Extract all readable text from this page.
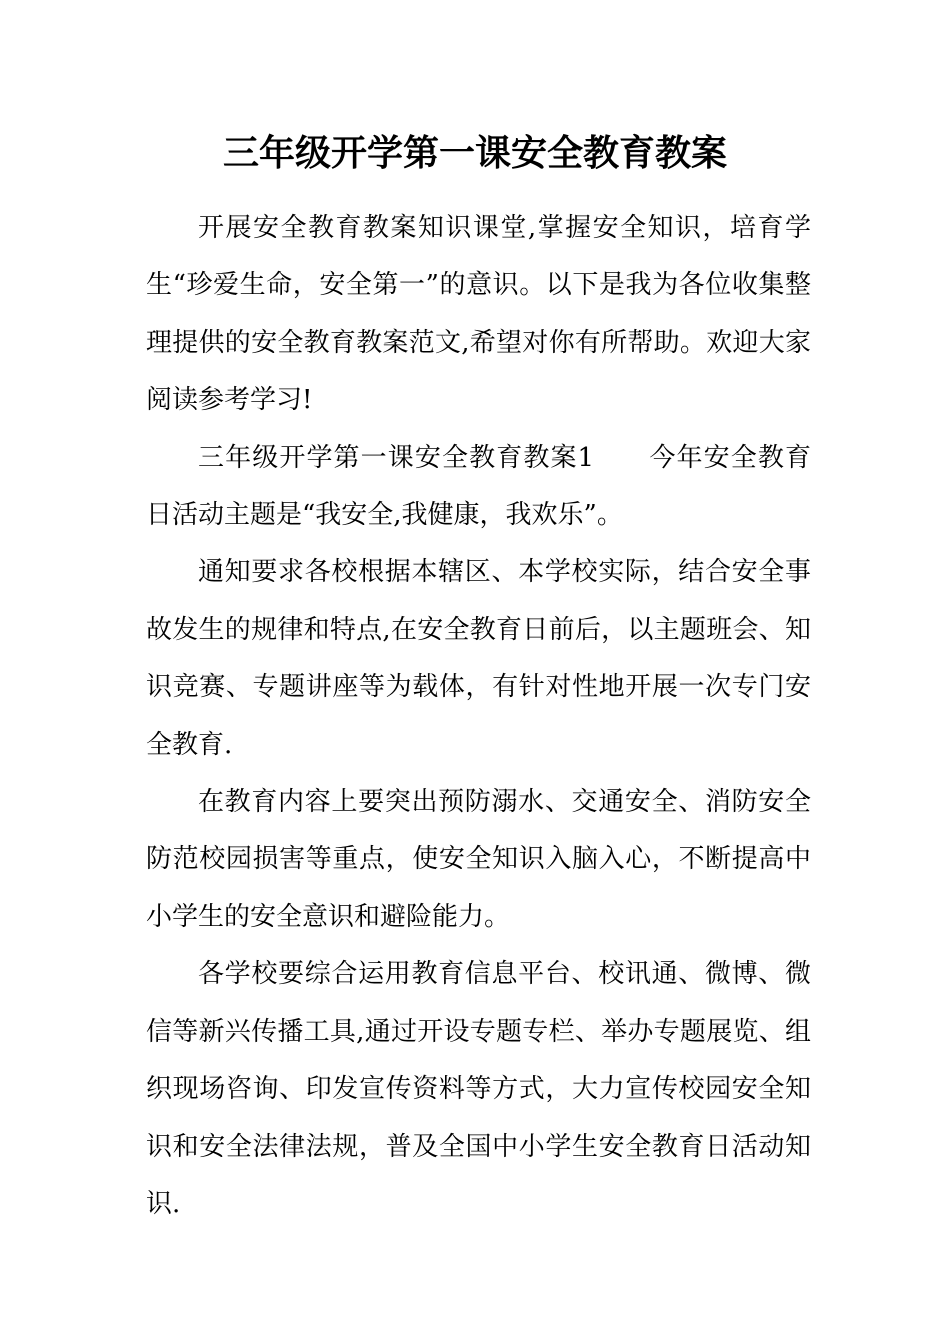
三年级开学第一课安全教育教案

开展安全教育教案知识课堂,掌握安全知识，培育学生“珍爱生命，安全第一”的意识。以下是我为各位收集整理提供的安全教育教案范文,希望对你有所帮助。欢迎大家阅读参考学习!

三年级开学第一课安全教育教案1　　今年安全教育日活动主题是“我安全,我健康，我欢乐”。

通知要求各校根据本辖区、本学校实际，结合安全事故发生的规律和特点,在安全教育日前后，以主题班会、知识竞赛、专题讲座等为载体，有针对性地开展一次专门安全教育.

在教育内容上要突出预防溺水、交通安全、消防安全防范校园损害等重点，使安全知识入脑入心，不断提高中小学生的安全意识和避险能力。

各学校要综合运用教育信息平台、校讯通、微博、微信等新兴传播工具,通过开设专题专栏、举办专题展览、组织现场咨询、印发宣传资料等方式，大力宣传校园安全知识和安全法律法规，普及全国中小学生安全教育日活动知识.
